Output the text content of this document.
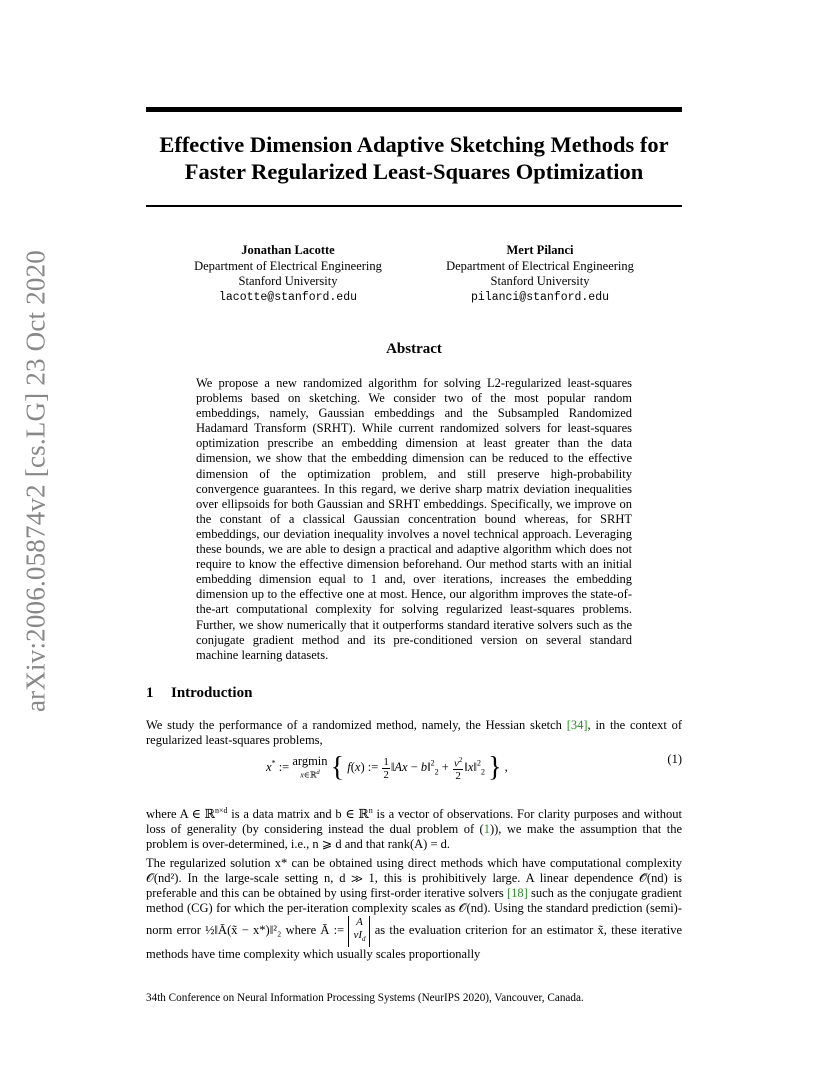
arXiv:2006.05874v2 [cs.LG] 23 Oct 2020
Effective Dimension Adaptive Sketching Methods for Faster Regularized Least-Squares Optimization
Jonathan Lacotte
Department of Electrical Engineering
Stanford University
lacotte@stanford.edu
Mert Pilanci
Department of Electrical Engineering
Stanford University
pilanci@stanford.edu
Abstract
We propose a new randomized algorithm for solving L2-regularized least-squares problems based on sketching. We consider two of the most popular random embeddings, namely, Gaussian embeddings and the Subsampled Randomized Hadamard Transform (SRHT). While current randomized solvers for least-squares optimization prescribe an embedding dimension at least greater than the data dimension, we show that the embedding dimension can be reduced to the effective dimension of the optimization problem, and still preserve high-probability convergence guarantees. In this regard, we derive sharp matrix deviation inequalities over ellipsoids for both Gaussian and SRHT embeddings. Specifically, we improve on the constant of a classical Gaussian concentration bound whereas, for SRHT embeddings, our deviation inequality involves a novel technical approach. Leveraging these bounds, we are able to design a practical and adaptive algorithm which does not require to know the effective dimension beforehand. Our method starts with an initial embedding dimension equal to 1 and, over iterations, increases the embedding dimension up to the effective one at most. Hence, our algorithm improves the state-of-the-art computational complexity for solving regularized least-squares problems. Further, we show numerically that it outperforms standard iterative solvers such as the conjugate gradient method and its pre-conditioned version on several standard machine learning datasets.
1 Introduction
We study the performance of a randomized method, namely, the Hessian sketch [34], in the context of regularized least-squares problems,
x* := argmin
x∈ℝ$^d$ { f(x) := $\frac{1}{2}$ ‖Ax − b‖$^2_2$ + $\frac{\nu^2}{2}$ ‖x‖$^2_2$ } ,
(1)
where A ∈ ℝ$^{n\times d}$ is a data matrix and b ∈ ℝ$^n$ is a vector of observations. For clarity purposes and without loss of generality (by considering instead the dual problem of (1)), we make the assumption that the problem is over-determined, i.e., n ⩾ d and that rank(A) = d.
The regularized solution x* can be obtained using direct methods which have computational complexity 𝒪(nd²). In the large-scale setting n, d ≫ 1, this is prohibitively large. A linear dependence 𝒪̃(nd) is preferable and this can be obtained by using first-order iterative solvers [18] such as the conjugate gradient method (CG) for which the per-iteration complexity scales as 𝒪(nd). Using the standard prediction (semi)-norm error ½‖Ā(x̃ − x*)‖²₂ where Ā := A
$\nu I_d$ as the evaluation criterion for an estimator x̃, these iterative methods have time complexity which usually scales proportionally
34th Conference on Neural Information Processing Systems (NeurIPS 2020), Vancouver, Canada.
